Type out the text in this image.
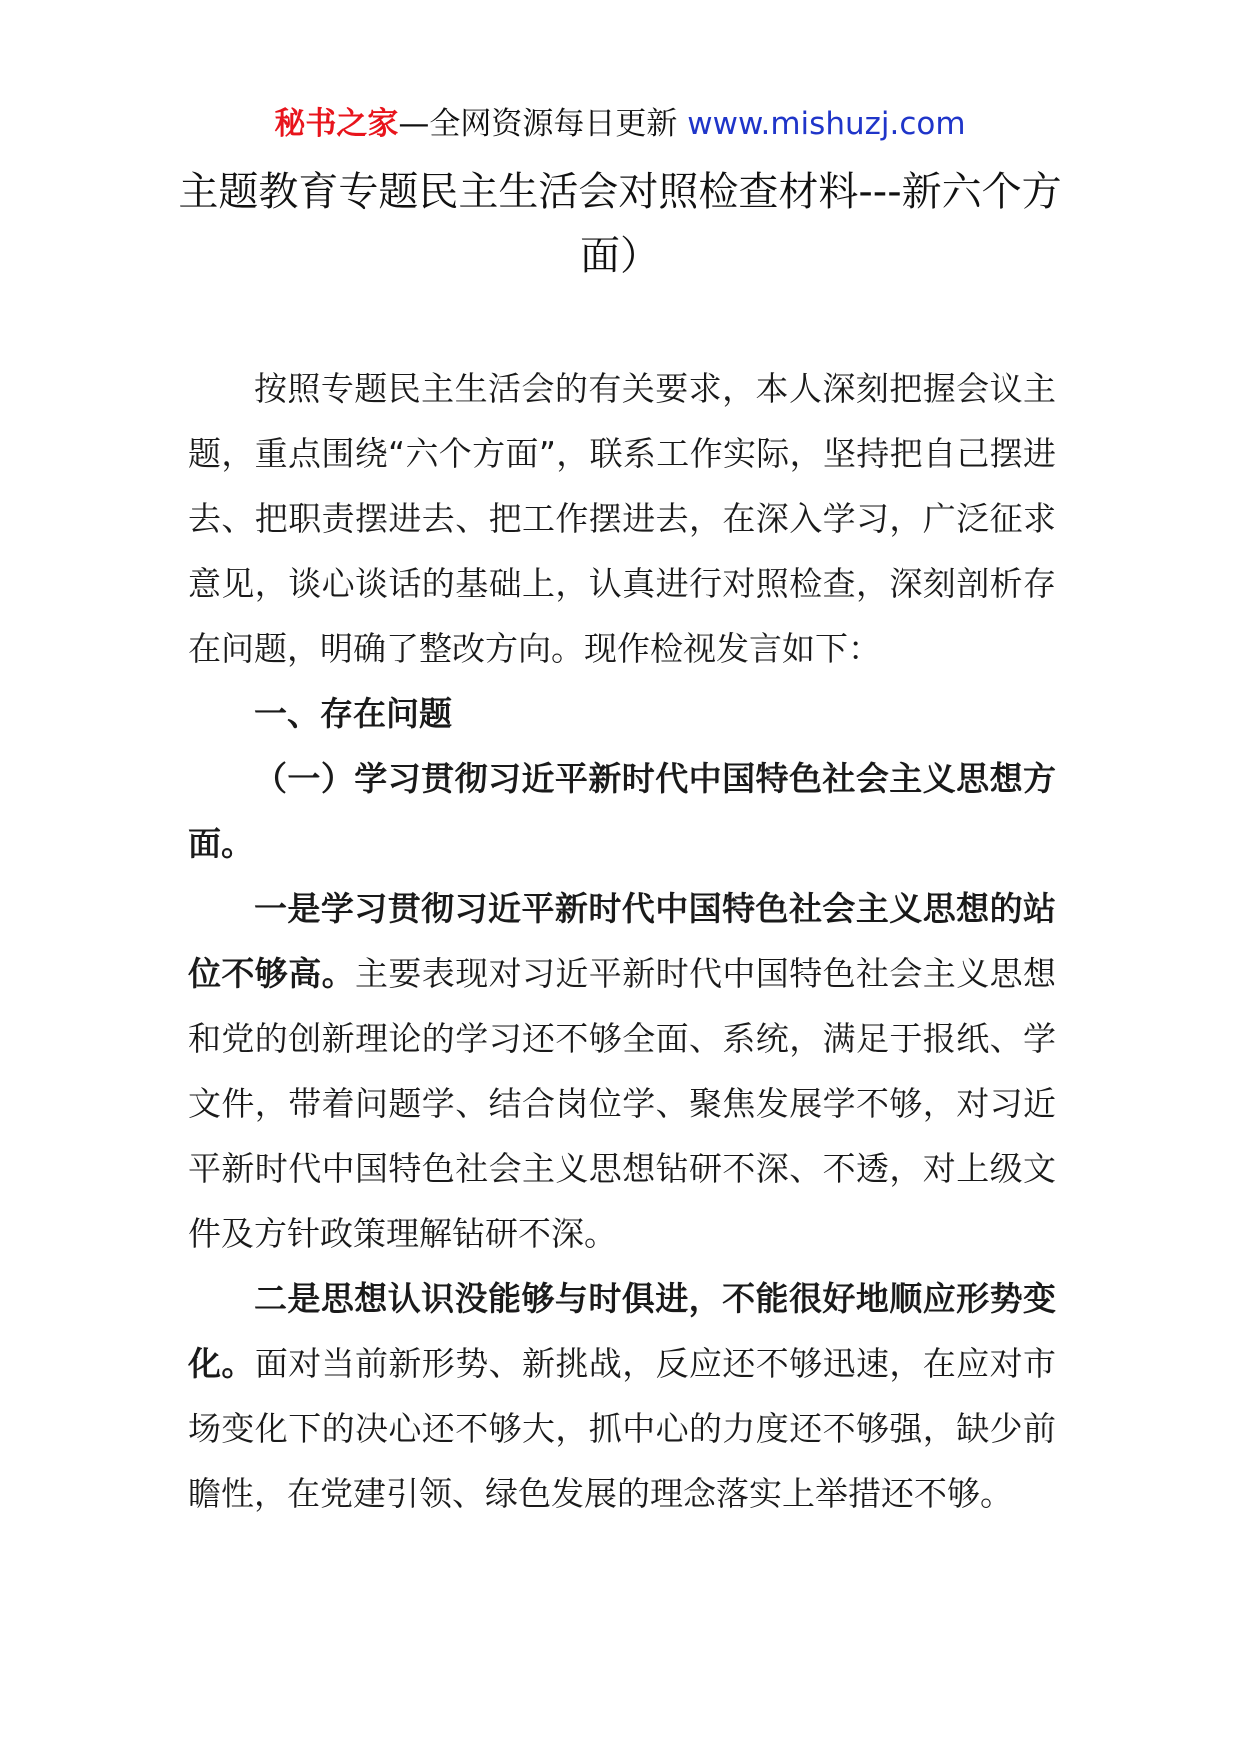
秘书之家—全网资源每日更新 www.mishuzj.com
主题教育专题民主生活会对照检查材料---新六个方面）

按照专题民主生活会的有关要求，本人深刻把握会议主题，重点围绕“六个方面”，联系工作实际，坚持把自己摆进去、把职责摆进去、把工作摆进去，在深入学习，广泛征求意见，谈心谈话的基础上，认真进行对照检查，深刻剖析存在问题，明确了整改方向。现作检视发言如下：

一、存在问题

（一）学习贯彻习近平新时代中国特色社会主义思想方面。

一是学习贯彻习近平新时代中国特色社会主义思想的站位不够高。主要表现对习近平新时代中国特色社会主义思想和党的创新理论的学习还不够全面、系统，满足于报纸、学文件，带着问题学、结合岗位学、聚焦发展学不够，对习近平新时代中国特色社会主义思想钻研不深、不透，对上级文件及方针政策理解钻研不深。

二是思想认识没能够与时俱进，不能很好地顺应形势变化。面对当前新形势、新挑战，反应还不够迅速，在应对市场变化下的决心还不够大，抓中心的力度还不够强，缺少前瞻性，在党建引领、绿色发展的理念落实上举措还不够。
